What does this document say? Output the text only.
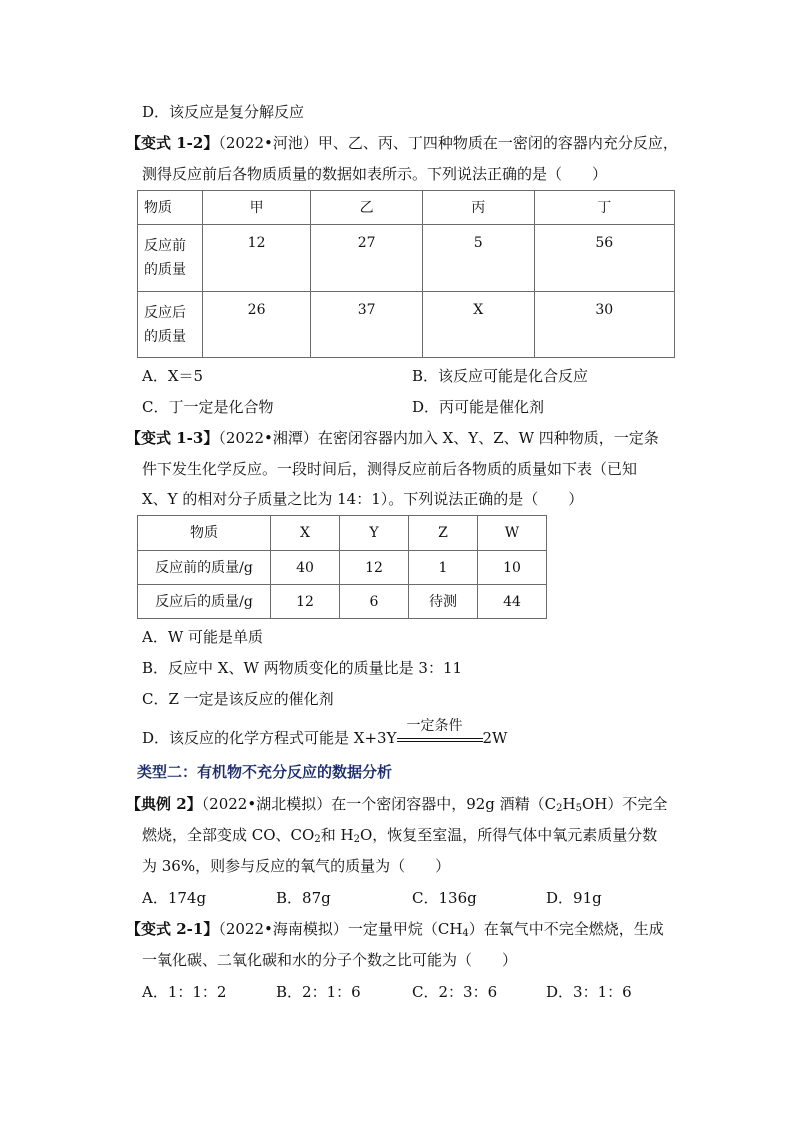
D．该反应是复分解反应
【变式 1-2】（2022•河池）甲、乙、丙、丁四种物质在一密闭的容器内充分反应，
测得反应前后各物质质量的数据如表所示。下列说法正确的是（　　）
物质	甲	乙	丙	丁

反应前
的质量	12	27	5	56

反应后
的质量	26	37	X	30
A．X＝5	B．该反应可能是化合反应
C．丁一定是化合物	D．丙可能是催化剂
【变式 1-3】（2022•湘潭）在密闭容器内加入 X、Y、Z、W 四种物质，一定条
件下发生化学反应。一段时间后，测得反应前后各物质的质量如下表（已知
X、Y 的相对分子质量之比为 14：1）。下列说法正确的是（　　）
物质	X	Y	Z	W
反应前的质量/g	40	12	1	10
反应后的质量/g	12	6	待测	44
A．W 可能是单质
B．反应中 X、W 两物质变化的质量比是 3：11
C．Z 一定是该反应的催化剂
D．该反应的化学方程式可能是 X+3Y
一定条件
2W
类型二：有机物不充分反应的数据分析
【典例 2】（2022•湖北模拟）在一个密闭容器中，92g 酒精$(C_2H_5OH)$不完全
燃烧，全部变成 CO、$CO_2$和 $H_2O$，恢复至室温，所得气体中氧元素质量分数
为 36%，则参与反应的氧气的质量为（　　）
A．174g	B．87g	C．136g	D．91g
【变式 2-1】（2022•海南模拟）一定量甲烷$(CH_4)$在氧气中不完全燃烧，生成
一氧化碳、二氧化碳和水的分子个数之比可能为（　　）
A．1：1：2	B．2：1：6	C．2：3：6	D．3：1：6
